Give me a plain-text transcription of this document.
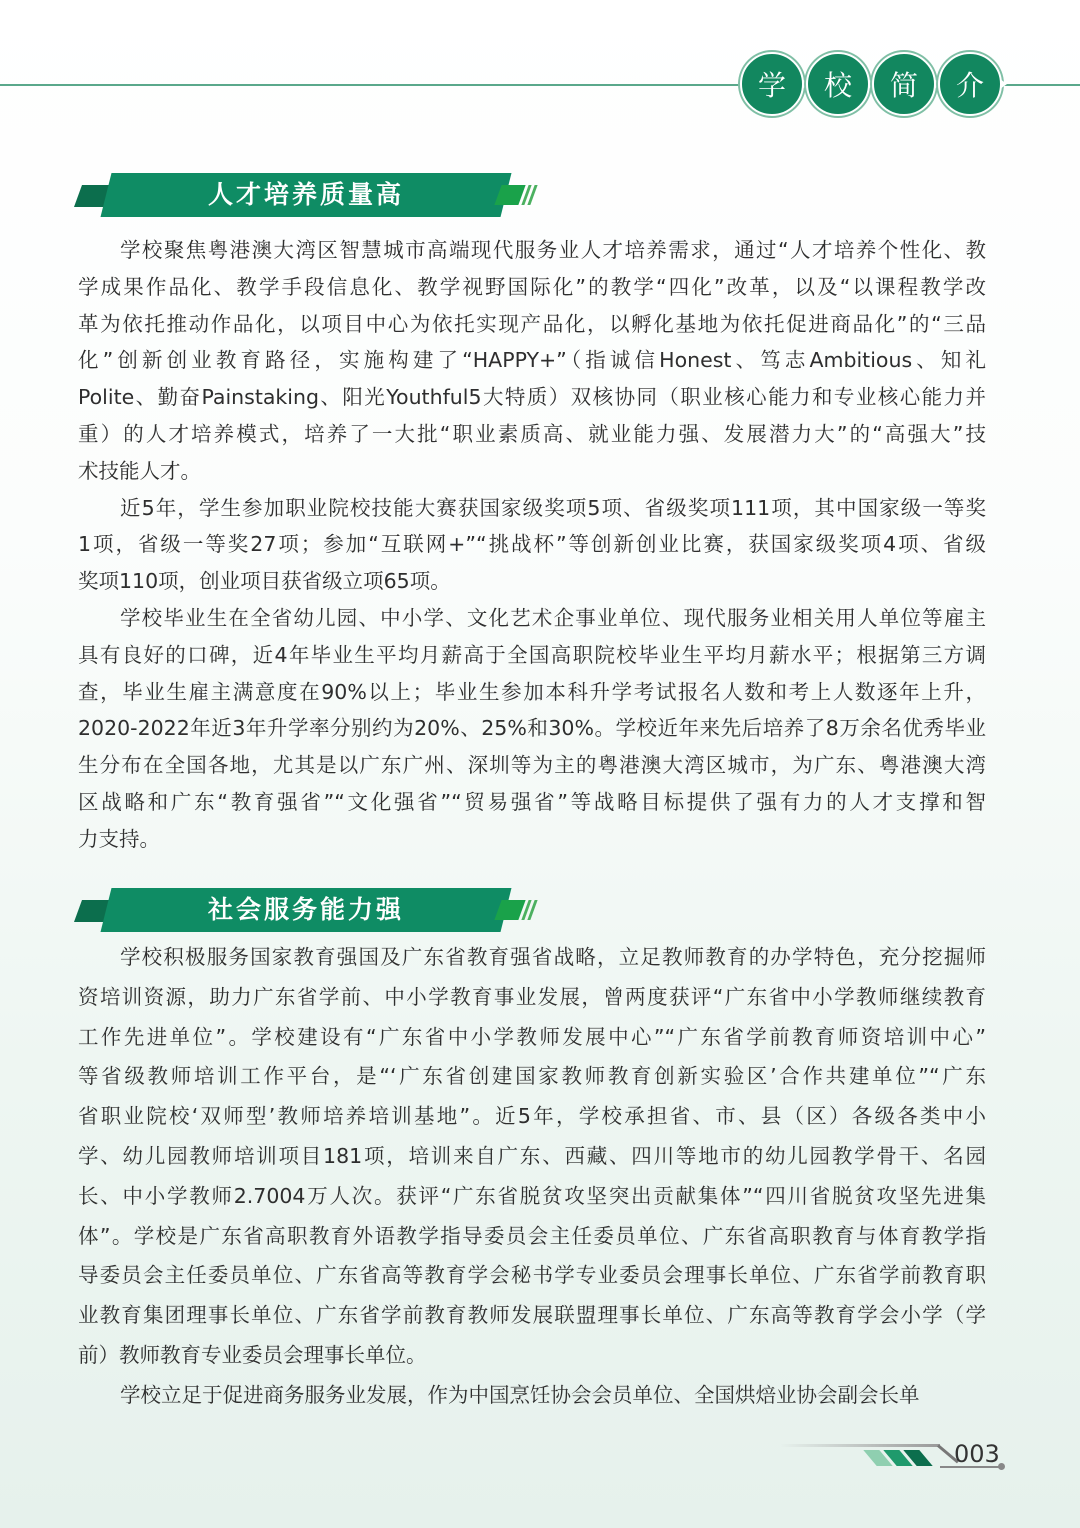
学	校	简	介
人才培养质量高
学校聚焦粤港澳大湾区智慧城市高端现代服务业人才培养需求，通过“人才培养个性化、教
学成果作品化、教学手段信息化、教学视野国际化”的教学“四化”改革，以及“以课程教学改
革为依托推动作品化，以项目中心为依托实现产品化，以孵化基地为依托促进商品化”的“三品
化”创新创业教育路径，实施构建了“HAPPY+”（指诚信Honest、笃志Ambitious、知礼
Polite、勤奋Painstaking、阳光Youthful5大特质）双核协同（职业核心能力和专业核心能力并
重）的人才培养模式，培养了一大批“职业素质高、就业能力强、发展潜力大”的“高强大”技
术技能人才。
近5年，学生参加职业院校技能大赛获国家级奖项5项、省级奖项111项，其中国家级一等奖
1项，省级一等奖27项；参加“互联网+”“挑战杯”等创新创业比赛，获国家级奖项4项、省级
奖项110项，创业项目获省级立项65项。
学校毕业生在全省幼儿园、中小学、文化艺术企事业单位、现代服务业相关用人单位等雇主
具有良好的口碑，近4年毕业生平均月薪高于全国高职院校毕业生平均月薪水平；根据第三方调
查，毕业生雇主满意度在90%以上；毕业生参加本科升学考试报名人数和考上人数逐年上升，
2020-2022年近3年升学率分别约为20%、25%和30%。学校近年来先后培养了8万余名优秀毕业
生分布在全国各地，尤其是以广东广州、深圳等为主的粤港澳大湾区城市，为广东、粤港澳大湾
区战略和广东“教育强省”“文化强省”“贸易强省”等战略目标提供了强有力的人才支撑和智
力支持。
社会服务能力强
学校积极服务国家教育强国及广东省教育强省战略，立足教师教育的办学特色，充分挖掘师
资培训资源，助力广东省学前、中小学教育事业发展，曾两度获评“广东省中小学教师继续教育
工作先进单位”。学校建设有“广东省中小学教师发展中心”“广东省学前教育师资培训中心”
等省级教师培训工作平台，是“‘广东省创建国家教师教育创新实验区’合作共建单位”“广东
省职业院校‘双师型’教师培养培训基地”。近5年，学校承担省、市、县（区）各级各类中小
学、幼儿园教师培训项目181项，培训来自广东、西藏、四川等地市的幼儿园教学骨干、名园
长、中小学教师2.7004万人次。获评“广东省脱贫攻坚突出贡献集体”“四川省脱贫攻坚先进集
体”。学校是广东省高职教育外语教学指导委员会主任委员单位、广东省高职教育与体育教学指
导委员会主任委员单位、广东省高等教育学会秘书学专业委员会理事长单位、广东省学前教育职
业教育集团理事长单位、广东省学前教育教师发展联盟理事长单位、广东高等教育学会小学（学
前）教师教育专业委员会理事长单位。
学校立足于促进商务服务业发展，作为中国烹饪协会会员单位、全国烘焙业协会副会长单
003
